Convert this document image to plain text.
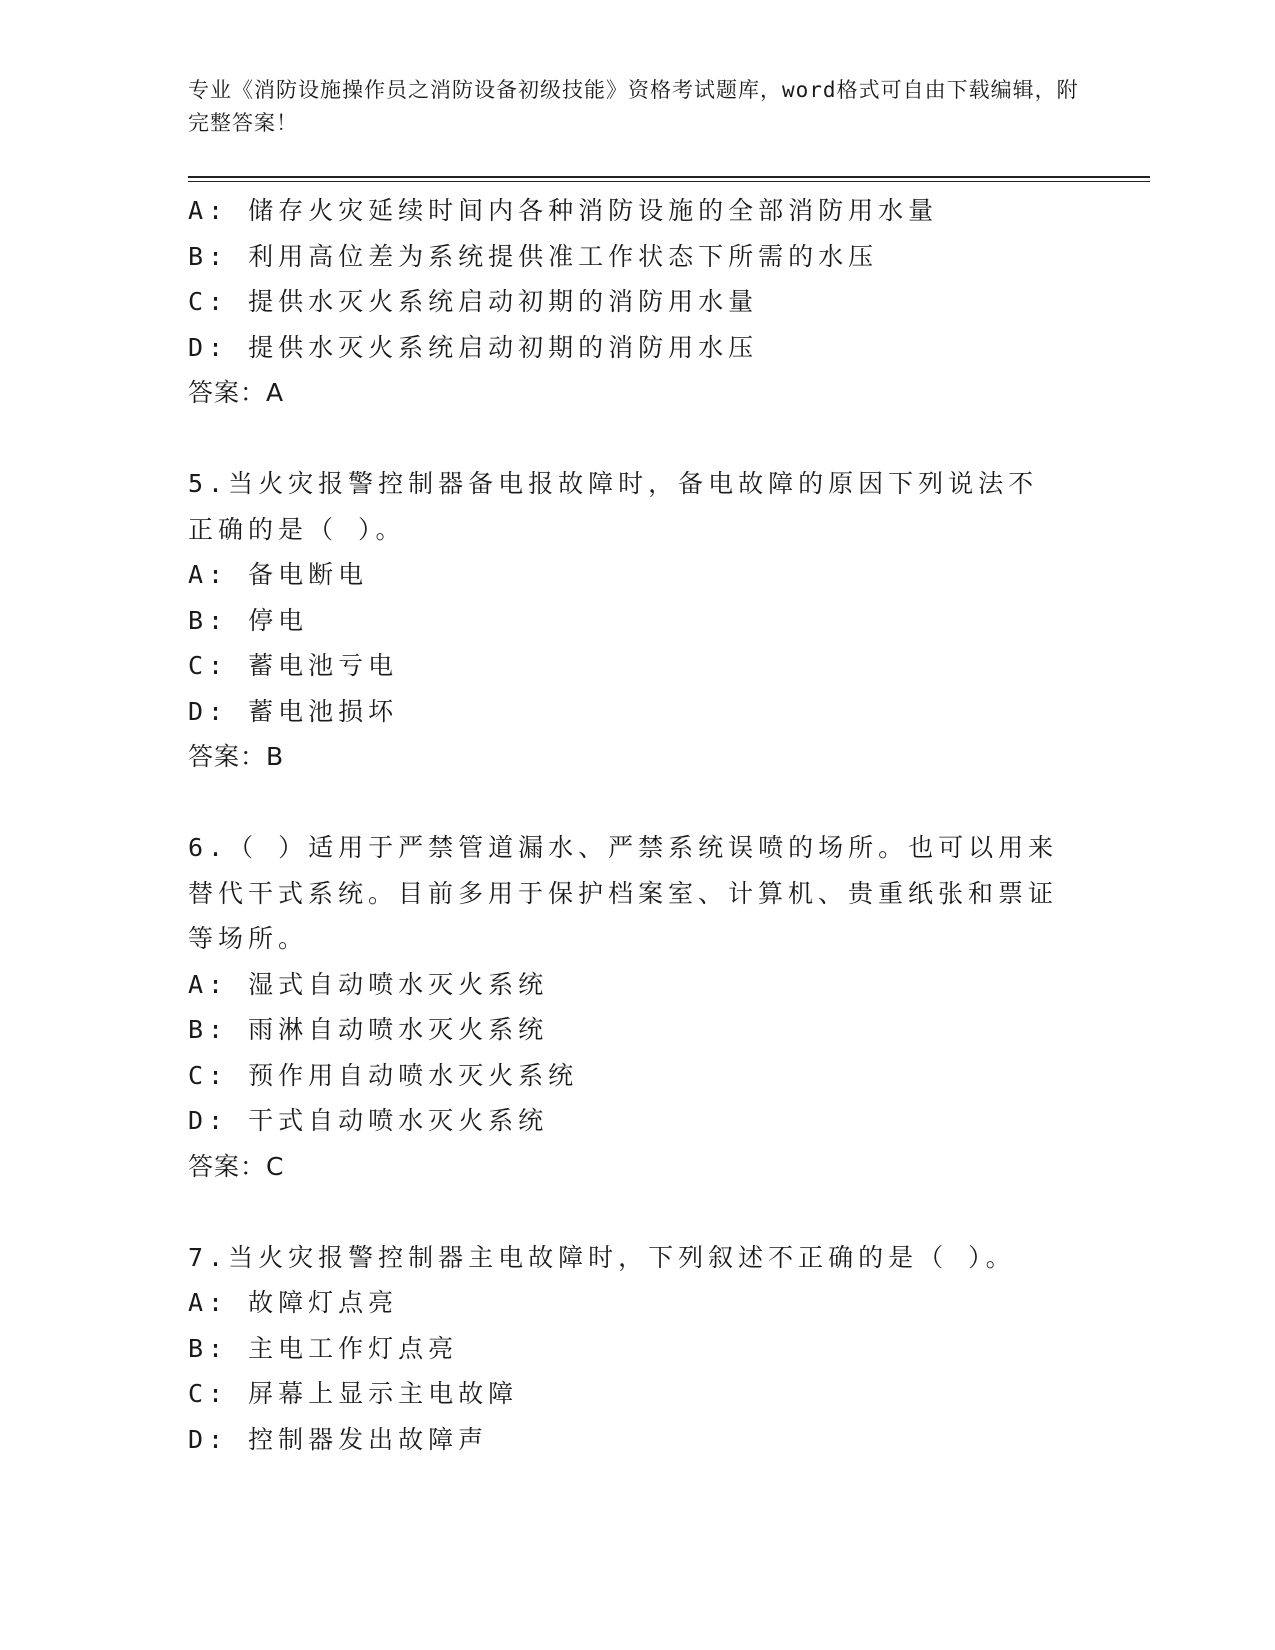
专业《消防设施操作员之消防设备初级技能》资格考试题库，word格式可自由下载编辑，附完整答案！
A: 储存火灾延续时间内各种消防设施的全部消防用水量
B: 利用高位差为系统提供准工作状态下所需的水压
C: 提供水灭火系统启动初期的消防用水量
D: 提供水灭火系统启动初期的消防用水压
答案：A
5.当火灾报警控制器备电报故障时，备电故障的原因下列说法不正确的是（ ）。
A: 备电断电
B: 停电
C: 蓄电池亏电
D: 蓄电池损坏
答案：B
6.（ ）适用于严禁管道漏水、严禁系统误喷的场所。也可以用来替代干式系统。目前多用于保护档案室、计算机、贵重纸张和票证等场所。
A: 湿式自动喷水灭火系统
B: 雨淋自动喷水灭火系统
C: 预作用自动喷水灭火系统
D: 干式自动喷水灭火系统
答案：C
7.当火灾报警控制器主电故障时，下列叙述不正确的是（ ）。
A: 故障灯点亮
B: 主电工作灯点亮
C: 屏幕上显示主电故障
D: 控制器发出故障声
